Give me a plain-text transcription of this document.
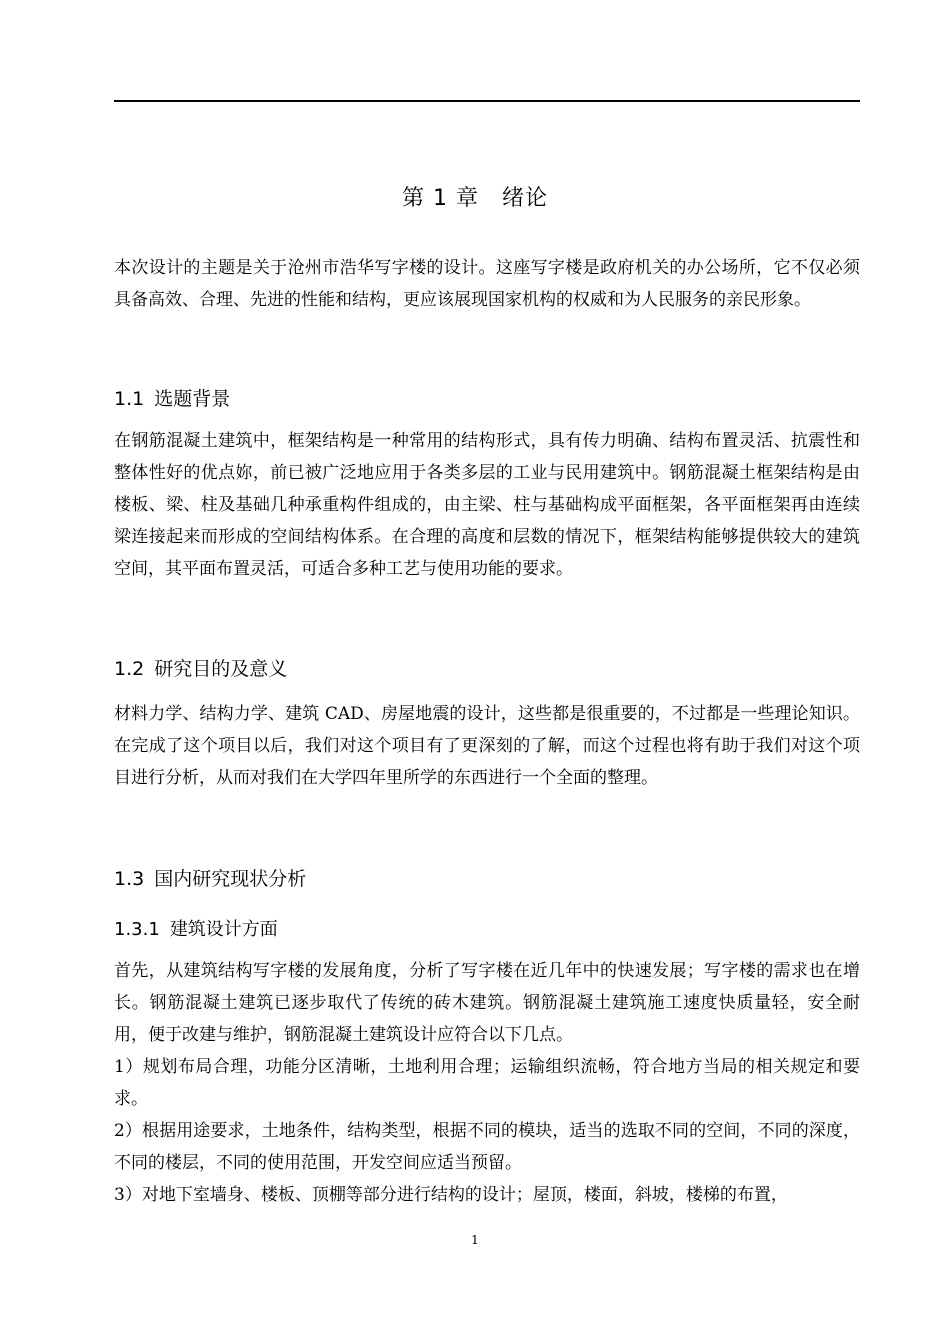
第 1 章　绪论

本次设计的主题是关于沧州市浩华写字楼的设计。这座写字楼是政府机关的办公场所，它不仅必须具备高效、合理、先进的性能和结构，更应该展现国家机构的权威和为人民服务的亲民形象。

1.1 选题背景

在钢筋混凝土建筑中，框架结构是一种常用的结构形式，具有传力明确、结构布置灵活、抗震性和整体性好的优点妳，前已被广泛地应用于各类多层的工业与民用建筑中。钢筋混凝土框架结构是由楼板、梁、柱及基础几种承重构件组成的，由主梁、柱与基础构成平面框架，各平面框架再由连续梁连接起来而形成的空间结构体系。在合理的高度和层数的情况下，框架结构能够提供较大的建筑空间，其平面布置灵活，可适合多种工艺与使用功能的要求。

1.2 研究目的及意义

材料力学、结构力学、建筑 CAD、房屋地震的设计，这些都是很重要的，不过都是一些理论知识。在完成了这个项目以后，我们对这个项目有了更深刻的了解，而这个过程也将有助于我们对这个项目进行分析，从而对我们在大学四年里所学的东西进行一个全面的整理。

1.3 国内研究现状分析

1.3.1 建筑设计方面

首先，从建筑结构写字楼的发展角度，分析了写字楼在近几年中的快速发展；写字楼的需求也在增长。钢筋混凝土建筑已逐步取代了传统的砖木建筑。钢筋混凝土建筑施工速度快质量轻，安全耐用，便于改建与维护，钢筋混凝土建筑设计应符合以下几点。

1）规划布局合理，功能分区清晰，土地利用合理；运输组织流畅，符合地方当局的相关规定和要求。

2）根据用途要求，土地条件，结构类型，根据不同的模块，适当的选取不同的空间，不同的深度，不同的楼层，不同的使用范围，开发空间应适当预留。

3）对地下室墙身、楼板、顶棚等部分进行结构的设计；屋顶，楼面，斜坡，楼梯的布置，

1
